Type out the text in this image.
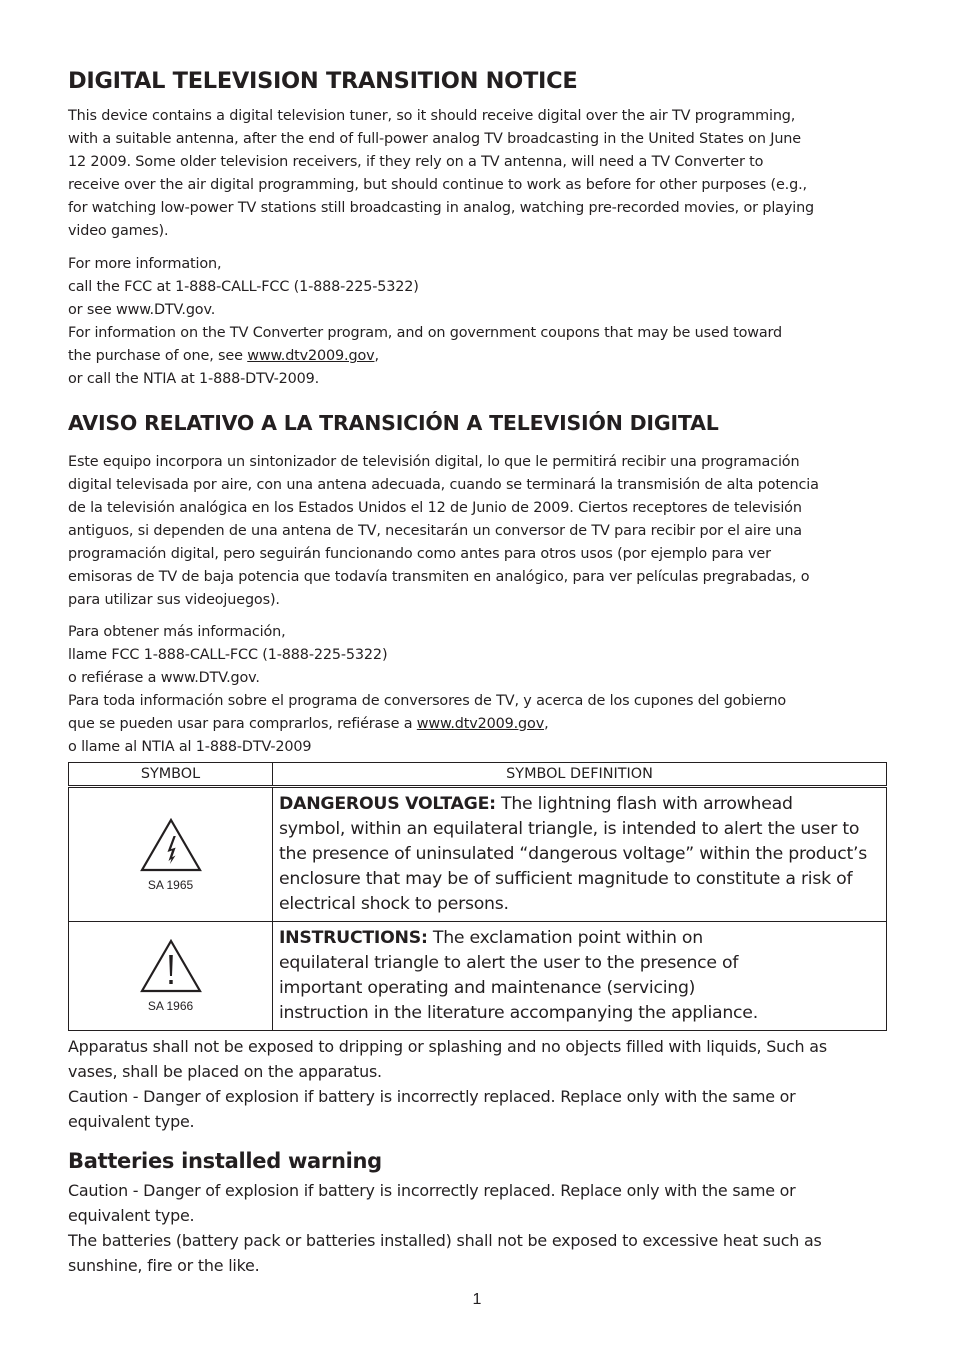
DIGITAL TELEVISION TRANSITION NOTICE

This device contains a digital television tuner, so it should receive digital over the air TV programming,

with a suitable antenna, after the end of full-power analog TV broadcasting in the United States on June

12 2009. Some older television receivers, if they rely on a TV antenna, will need a TV Converter to

receive over the air digital programming, but should continue to work as before for other purposes (e.g.,

for watching low-power TV stations still broadcasting in analog, watching pre-recorded movies, or playing

video games).

For more information,

call the FCC at 1-888-CALL-FCC (1-888-225-5322)

or see www.DTV.gov.

For information on the TV Converter program, and on government coupons that may be used toward

the purchase of one, see www.dtv2009.gov,

or call the NTIA at 1-888-DTV-2009.

AVISO RELATIVO A LA TRANSICIÓN A TELEVISIÓN DIGITAL

Este equipo incorpora un sintonizador de televisión digital, lo que le permitirá recibir una programación

digital televisada por aire, con una antena adecuada, cuando se terminará la transmisión de alta potencia

de la televisión analógica en los Estados Unidos el 12 de Junio de 2009. Ciertos receptores de televisión

antiguos, si dependen de una antena de TV, necesitarán un conversor de TV para recibir por el aire una

programación digital, pero seguirán funcionando como antes para otros usos (por ejemplo para ver

emisoras de TV de baja potencia que todavía transmiten en analógico, para ver películas pregrabadas, o

para utilizar sus videojuegos).

Para obtener más información,

llame FCC 1-888-CALL-FCC (1-888-225-5322)

o refiérase a www.DTV.gov.

Para toda información sobre el programa de conversores de TV, y acerca de los cupones del gobierno

que se pueden usar para comprarlos, refiérase a www.dtv2009.gov,

o llame al NTIA al 1-888-DTV-2009

SYMBOL	SYMBOL DEFINITION

SA 1965	DANGEROUS VOLTAGE: The lightning flash with arrowhead
symbol, within an equilateral triangle, is intended to alert the user to
the presence of uninsulated “dangerous voltage” within the product’s
enclosure that may be of sufficient magnitude to constitute a risk of
electrical shock to persons.

SA 1966	INSTRUCTIONS: The exclamation point within on
equilateral triangle to alert the user to the presence of
important operating and maintenance (servicing)
instruction in the literature accompanying the appliance.

Apparatus shall not be exposed to dripping or splashing and no objects filled with liquids, Such as

vases, shall be placed on the apparatus.

Caution - Danger of explosion if battery is incorrectly replaced. Replace only with the same or

equivalent type.

Batteries installed warning

Caution - Danger of explosion if battery is incorrectly replaced. Replace only with the same or

equivalent type.

The batteries (battery pack or batteries installed) shall not be exposed to excessive heat such as

sunshine, fire or the like.

1
